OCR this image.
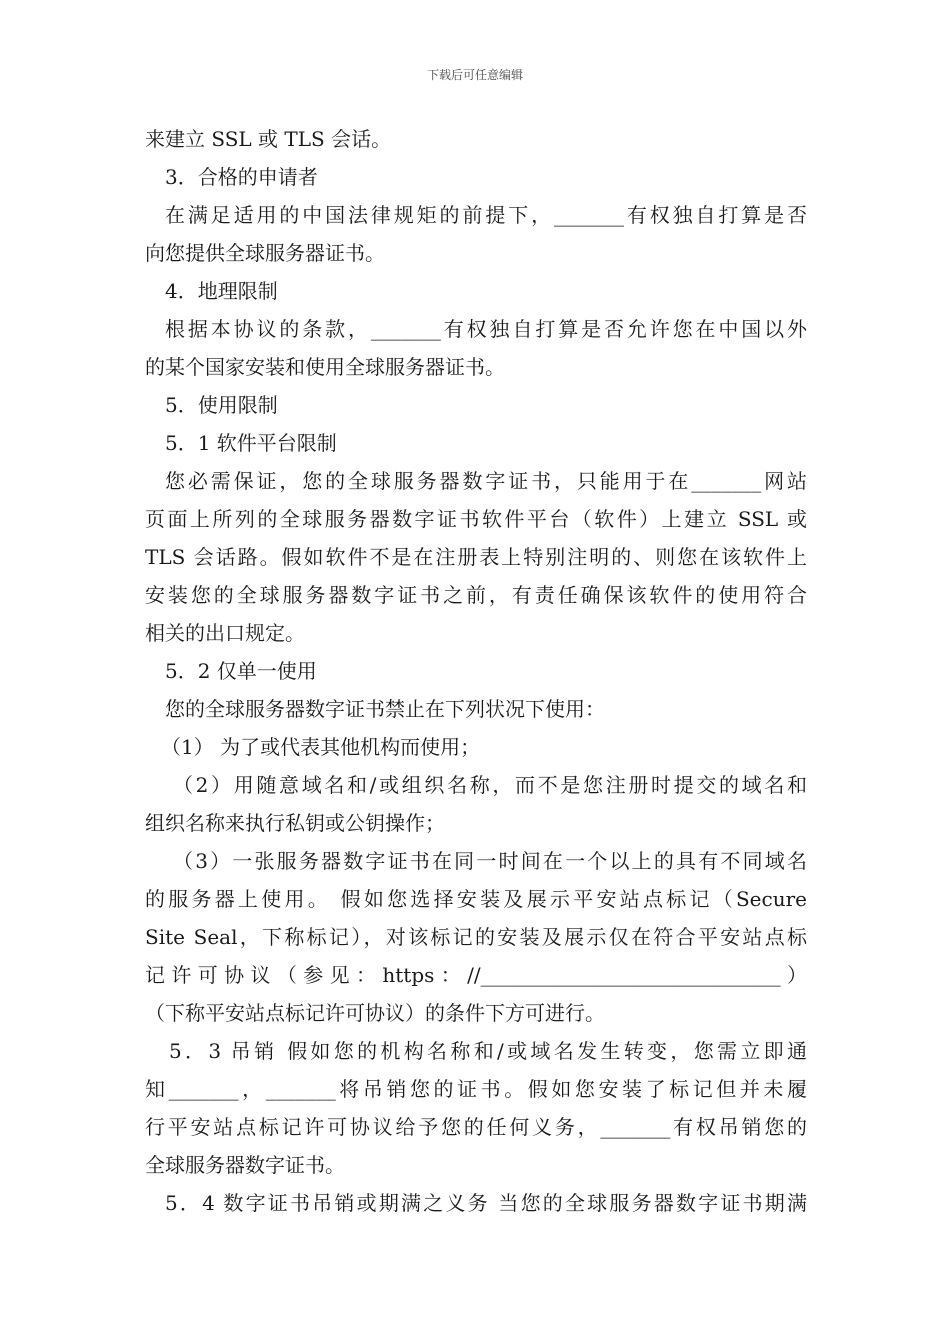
下载后可任意编辑
来建立 SSL 或 TLS 会话。
3．合格的申请者
在满足适用的中国法律规矩的前提下，_______有权独自打算是否
向您提供全球服务器证书。
4．地理限制
根据本协议的条款，_______有权独自打算是否允许您在中国以外
的某个国家安装和使用全球服务器证书。
5．使用限制
5．1 软件平台限制
您必需保证，您的全球服务器数字证书，只能用于在_______网站
页面上所列的全球服务器数字证书软件平台（软件）上建立 SSL 或
TLS 会话路。假如软件不是在注册表上特别注明的、则您在该软件上
安装您的全球服务器数字证书之前，有责任确保该软件的使用符合
相关的出口规定。
5．2 仅单一使用
您的全球服务器数字证书禁止在下列状况下使用：
（1） 为了或代表其他机构而使用；
（2）用随意域名和/或组织名称，而不是您注册时提交的域名和
组织名称来执行私钥或公钥操作；
（3）一张服务器数字证书在同一时间在一个以上的具有不同域名
的服务器上使用。 假如您选择安装及展示平安站点标记（Secure
Site Seal，下称标记），对该标记的安装及展示仅在符合平安站点标
记许可协议（参见：https：//______________________________）
（下称平安站点标记许可协议）的条件下方可进行。
5．3 吊销 假如您的机构名称和/或域名发生转变，您需立即通
知_______，_______将吊销您的证书。假如您安装了标记但并未履
行平安站点标记许可协议给予您的任何义务，_______有权吊销您的
全球服务器数字证书。
5．4 数字证书吊销或期满之义务 当您的全球服务器数字证书期满
